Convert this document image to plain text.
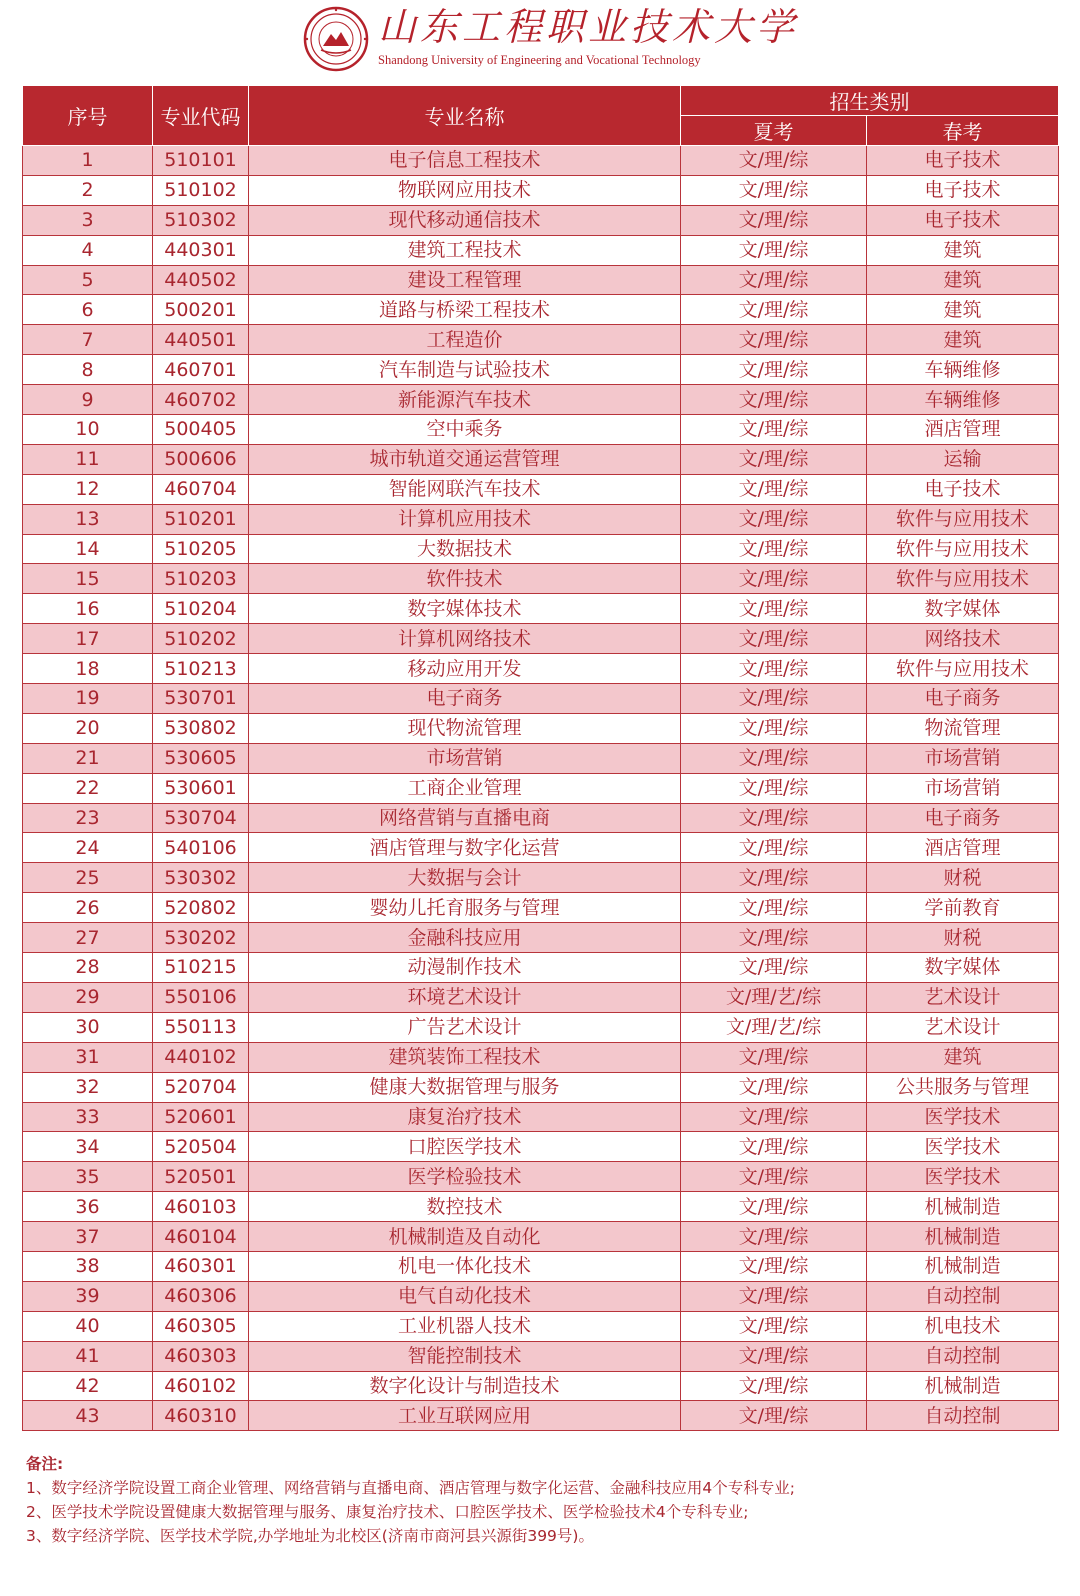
山东工程职业技术大学
Shandong University of Engineering and Vocational Technology
序号	专业代码	专业名称	招生类别	
			夏考	春考
1	510101	电子信息工程技术	文/理/综	电子技术
2	510102	物联网应用技术	文/理/综	电子技术
3	510302	现代移动通信技术	文/理/综	电子技术
4	440301	建筑工程技术	文/理/综	建筑
5	440502	建设工程管理	文/理/综	建筑
6	500201	道路与桥梁工程技术	文/理/综	建筑
7	440501	工程造价	文/理/综	建筑
8	460701	汽车制造与试验技术	文/理/综	车辆维修
9	460702	新能源汽车技术	文/理/综	车辆维修
10	500405	空中乘务	文/理/综	酒店管理
11	500606	城市轨道交通运营管理	文/理/综	运输
12	460704	智能网联汽车技术	文/理/综	电子技术
13	510201	计算机应用技术	文/理/综	软件与应用技术
14	510205	大数据技术	文/理/综	软件与应用技术
15	510203	软件技术	文/理/综	软件与应用技术
16	510204	数字媒体技术	文/理/综	数字媒体
17	510202	计算机网络技术	文/理/综	网络技术
18	510213	移动应用开发	文/理/综	软件与应用技术
19	530701	电子商务	文/理/综	电子商务
20	530802	现代物流管理	文/理/综	物流管理
21	530605	市场营销	文/理/综	市场营销
22	530601	工商企业管理	文/理/综	市场营销
23	530704	网络营销与直播电商	文/理/综	电子商务
24	540106	酒店管理与数字化运营	文/理/综	酒店管理
25	530302	大数据与会计	文/理/综	财税
26	520802	婴幼儿托育服务与管理	文/理/综	学前教育
27	530202	金融科技应用	文/理/综	财税
28	510215	动漫制作技术	文/理/综	数字媒体
29	550106	环境艺术设计	文/理/艺/综	艺术设计
30	550113	广告艺术设计	文/理/艺/综	艺术设计
31	440102	建筑装饰工程技术	文/理/综	建筑
32	520704	健康大数据管理与服务	文/理/综	公共服务与管理
33	520601	康复治疗技术	文/理/综	医学技术
34	520504	口腔医学技术	文/理/综	医学技术
35	520501	医学检验技术	文/理/综	医学技术
36	460103	数控技术	文/理/综	机械制造
37	460104	机械制造及自动化	文/理/综	机械制造
38	460301	机电一体化技术	文/理/综	机械制造
39	460306	电气自动化技术	文/理/综	自动控制
40	460305	工业机器人技术	文/理/综	机电技术
41	460303	智能控制技术	文/理/综	自动控制
42	460102	数字化设计与制造技术	文/理/综	机械制造
43	460310	工业互联网应用	文/理/综	自动控制
备注:
1、数字经济学院设置工商企业管理、网络营销与直播电商、酒店管理与数字化运营、金融科技应用4个专科专业;
2、医学技术学院设置健康大数据管理与服务、康复治疗技术、口腔医学技术、医学检验技术4个专科专业;
3、数字经济学院、医学技术学院,办学地址为北校区(济南市商河县兴源街399号)。
